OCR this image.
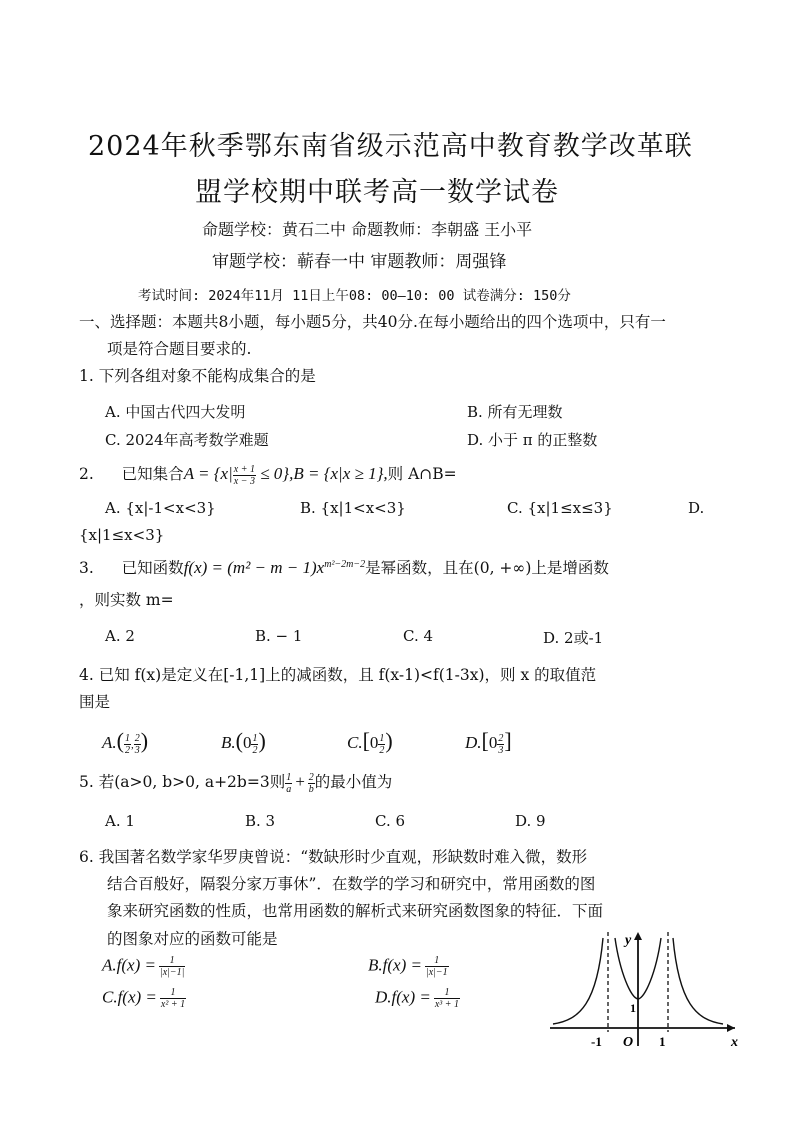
2024年秋季鄂东南省级示范高中教育教学改革联
盟学校期中联考高一数学试卷
命题学校：黄石二中 命题教师：李朝盛 王小平
审题学校：蕲春一中 审题教师：周强锋
考试时间: 2024年11月 11日上午08: 00—10: 00 试卷满分: 150分
一、选择题：本题共8小题，每小题5分，共40分.在每小题给出的四个选项中，只有一
项是符合题目要求的.
1. 下列各组对象不能构成集合的是
A. 中国古代四大发明	B. 所有无理数
C. 2024年高考数学难题	D. 小于 π 的正整数
2. 已知集合$A = \{x| \frac{x + 1}{x - 3} \le 0\},B = \{x|x \ge 1\}$,则 A∩B=
A. {x|-1<x<3}	B. {x|1<x<3}	C. {x|1≤x≤3}	D.
{x|1≤x<3}
3. 已知函数$f(x) = (m^2 - m - 1)x^{m^2-2m-2}$是幂函数，且在(0, +∞)上是增函数
，则实数 m=
A. 2	B. − 1	C. 4	D. 2或-1
4. 已知 f(x)是定义在[-1,1]上的减函数，且 f(x-1)<f(1-3x)，则 x 的取值范
围是
$A.( \frac{1}{2}$ , $\frac{2}{3}$ )	$B.(0 \frac{1}{2}$ )	$C.[0 \frac{1}{2}$ )	$D.[0 \frac{2}{3}$ ]
5. 若(a>0, b>0, a+2b=3则 $\frac{1}{a} + \frac{2}{b}$ 的最小值为
A. 1	B. 3	C. 6	D. 9
6. 我国著名数学家华罗庚曾说：“数缺形时少直观，形缺数时难入微，数形
结合百般好，隔裂分家万事休”．在数学的学习和研究中，常用函数的图
象来研究函数的性质，也常用函数的解析式来研究函数图象的特征．下面
的图象对应的函数可能是
$A.f(x) = \frac{1}{|x|-1|}$	$B.f(x) = \frac{1}{|x|-1}$
$C.f(x) = \frac{1}{\text{x² + 1}}$	$D.f(x) = \frac{1}{\text{x³ + 1}}$
y
x
O
-1	1
1
